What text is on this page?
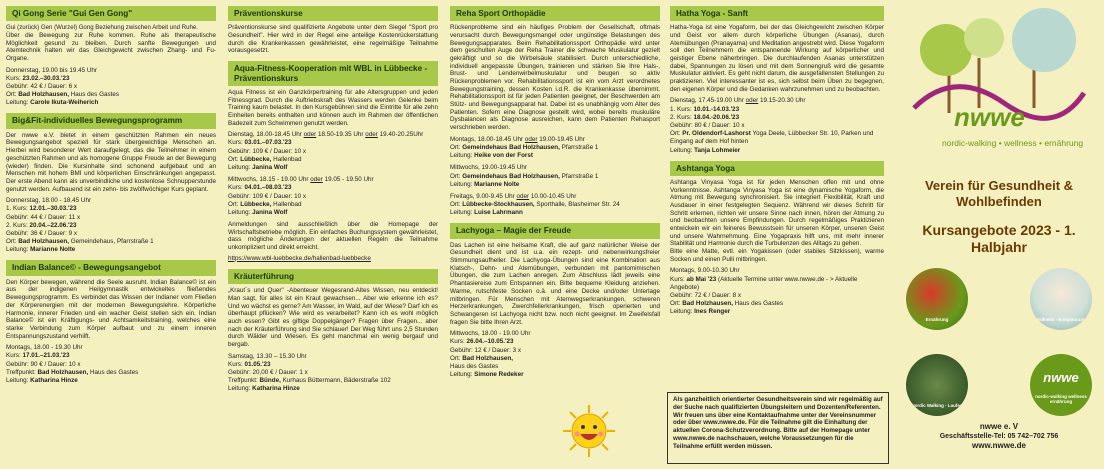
Qi Gong Serie "Gui Gen Gong"
Gui (zurück) Gen (Wurzel) Gong Beziehung zwischen Arbeit und Ruhe.
Über die Bewegung zur Ruhe kommen. Ruhe als therapeutische Möglichkeit gesund zu bleiben. Durch sanfte Bewegungen und Atemtechnik halten wir das Gleichgewicht zwischen Zhang- und Fu-Organe.
Donnerstag, 19.00 bis 19.45 Uhr
Kurs: 23.02.–30.03.'23
Gebühr: 42 € / Dauer: 6 x
Ort: Bad Holzhausen, Haus des Gastes
Leitung: Carole Ikuta-Weiherich
Big&Fit-individuelles Bewegungsprogramm
Der nwwe e.V. bietet in einem geschützten Rahmen ein neues Bewegungsangebot speziell für stark übergewichtige Menschen an. Hierbei wird besonderer Wert daraufgelegt, das die Teilnehmer in einem geschützten Rahmen und als homogene Gruppe Freude an der Bewegung (wieder) finden. Die Kursinhalte sind schonend aufgebaut und an Menschen mit hohem BMI und körperlichen Einschränkungen angepasst. Der erste Abend kann als unverbindliche und kostenlose Schnupperstunde genutzt werden. Aufbauend ist ein zehn- bis zwölfwöchiger Kurs geplant.
Donnerstag, 18.00 - 18.45 Uhr
1. Kurs: 12.01.–30.03.'23
Gebühr: 44 € / Dauer: 11 x
2. Kurs: 20.04.–22.06.'23
Gebühr: 36 € / Dauer: 9 x
Ort: Bad Holzhausen, Gemeindehaus, Pfarrstraße 1
Leitung: Marianne Nolte
Indian Balance© - Bewegungsangebot
Den Körper bewegen, während die Seele ausruht. Indian Balance© ist ein aus der indigenen Heilgymnastik entwickeltes fließendes Bewegungsprogramm. Es verbindet das Wissen der Indianer vom Fließen der Körperenergien mit der modernen Bewegungslehre. Körperliche Harmonie, innerer Frieden und ein wacher Geist stellen sich ein. Indian Balance© ist ein Kräftigungs- und Achtsamkeitstraining, welches eine starke Verbindung zum Körper aufbaut und zu einem inneren Entspannungszustand verhilft.
Montags, 18.00 - 19.30 Uhr
Kurs: 17.01.–21.03.'23
Gebühr: 90 € / Dauer: 10 x
Treffpunkt: Bad Holzhausen, Haus des Gastes
Leitung: Katharina Hinze
Präventionskurse
Präventionskurse sind qualifizierte Angebote unter dem Siegel "Sport pro Gesundheit". Hier wird in der Regel eine anteilige Kostenrückerstattung durch die Krankenkassen gewährleistet, eine regelmäßige Teilnahme vorausgesetzt.
Aqua-Fitness-Kooperation mit WBL in Lübbecke - Präventionskurs
Aqua Fitness ist ein Ganzkörpertraining für alle Altersgruppen und jeden Fitnessgrad. Durch die Auftriebskraft des Wassers werden Gelenke beim Training kaum belastet. In den Kursgebühren sind die Eintritte für alle zehn Einheiten bereits enthalten und können auch im Rahmen der öffentlichen Badezeit zum Schwimmen genutzt werden.
Dienstag, 18.00-18.45 Uhr oder 18.50-19.35 Uhr oder 19.40-20.25Uhr
Kurs: 03.01.–07.03.'23
Gebühr: 109 € / Dauer: 10 x
Ort: Lübbecke, Hallenbad
Leitung: Janina Wolf
Mittwochs, 18.15 - 19.00 Uhr oder 19.05 - 19.50 Uhr
Kurs: 04.01.–08.03.'23
Gebühr: 109 € / Dauer: 10 x
Ort: Lübbecke, Hallenbad
Leitung: Janina Wolf
Anmeldungen sind ausschließlich über die Homepage der Wirtschaftsbetriebe möglich. Ein einfaches Buchungssystem gewährleistet, dass mögliche Änderungen der aktuellen Regeln die Teilnahme unkompliziert und direkt erreicht.
https://www.wbl-luebbecke.de/hallenbad-luebbecke
Kräuterführung
„Kraut´s und Quer" -Abenteuer Wegesrand-Altes Wissen, neu entdeckt! Man sagt, für alles ist ein Kraut gewachsen... Aber wie erkenne ich es? Und wo wächst es gerne? Am Wasser, im Wald, auf der Wiese? Darf ich es überhaupt pflücken? Wie wird es verarbeitet? Kann ich es wohl möglich auch essen? Gibt es giftige Doppelgänger? Fragen über Fragen... aber nach der Kräuterführung sind Sie schlauer! Der Weg führt uns 2,5 Stunden durch Wälder und Wiesen. Es geht manchmal ein wenig bergauf und bergab.
Samstag, 13.30 – 15.30 Uhr
Kurs: 01.05.'23
Gebühr: 20,00 € / Dauer: 1 x
Treffpunkt: Bünde, Kurhaus Büttermann, Bäderstraße 102
Leitung: Katharina Hinze
Reha Sport Orthopädie
Rückenprobleme sind ein häufiges Problem der Gesellschaft, oftmals verursacht durch Bewegungsmangel oder ungünstige Belastungen des Bewegungsapparates. Beim Rehabilitationssport Orthopädie wird unter dem geschulten Auge der Reha Trainer die schwache Muskulatur gezielt gekräftigt und so die Wirbelsäule stabilisiert. Durch unterschiedliche, individuell angepasste Übungen, trainieren und stärken Sie Ihre Hals-, Brust- und Lendenwirbelmuskulatur und beugen so aktiv Rückenproblemen vor. Rehabilitationssport ist ein vom Arzt verordnetes Bewegungstraining, dessen Kosten i.d.R. die Krankenkasse übernimmt. Rehabilitationssport ist für jeden Patienten geeignet, der Beschwerden am Stütz- und Bewegungsapparat hat. Dabei ist es unabhängig vom Alter des Patienten. Sofern eine Diagnose gestellt wird, wobei bereits muskuläre Dysbalancen als Diagnose ausreichen, kann dem Patienten Rehasport verschrieben werden.
Montags, 18.00-18.45 Uhr oder 19.00-19.45 Uhr
Ort: Gemeindehaus Bad Holzhausen, Pfarrstraße 1
Leitung: Heike von der Forst
Mittwochs, 19.00-19.45 Uhr
Ort: Gemeindehaus Bad Holzhausen, Pfarrstraße 1
Leitung: Marianne Nolte
Freitags, 9.00-9.45 Uhr oder 10.00-10.45 Uhr
Ort: Lübbecke-Stockhausen, Sporthalle, Blasheimer Str. 24
Leitung: Luise Lahrmann
Lachyoga – Magie der Freude
Das Lachen ist eine heilsame Kraft, die auf ganz natürlicher Weise der Gesundheit dient und ist u.a. ein rezept- und nebenwirkungsfreier Stimmungsaufheller. Die Lachyoga-Übungen sind eine Kombination aus Klatsch-, Dehn- und Atemübungen, verbunden mit pantomimischen Übungen, die zum Lachen anregen. Zum Abschluss lädt jeweils eine Phantasiereise zum Entspannen ein. Bitte bequeme Kleidung anziehen. Warme, rutschfeste Socken o.ä. und eine Decke und/oder Unterlage mitbringen. Für Menschen mit Atemwegserkrankungen, schweren Herzerkrankungen, Zwerchfellerkrankungen, frisch operierten und Schwangeren ist Lachyoga nicht bzw. noch nicht geeignet. Im Zweifelsfall fragen Sie bitte Ihren Arzt.
Mittwochs, 18.00 - 19.00 Uhr
Kurs: 26.04.–10.05.'23
Gebühr: 12 € / Dauer: 3 x
Ort: Bad Holzhausen,
Haus des Gastes
Leitung: Simone Redeker
Hatha Yoga - Sanft
Hatha-Yoga ist eine Yogaform, bei der das Gleichgewicht zwischen Körper und Geist vor allem durch körperliche Übungen (Asanas), durch Atemübungen (Pranayama) und Meditation angestrebt wird. Diese Yogaform soll den Teilnehmern die entspannende Wirkung auf körperlicher und geistiger Ebene näherbringen. Die durchlaufenden Asanas unterstützen dabei, Spannungen zu lösen und mit dem Sonnengruß wird die gesamte Muskulatur aktiviert. Es geht nicht darum, die ausgefallensten Stellungen zu praktizieren. Viel interessanter ist es, sich selbst beim Üben zu begegnen, den eigenen Körper und die Gedanken wahrzunehmen und zu beobachten.
Dienstag, 17.45-19.00 Uhr oder 19.15-20.30 Uhr
1. Kurs: 10.01.-14.03.'23
2. Kurs: 18.04.-20.06.'23
Gebühr: 80 € / Dauer: 10 x
Ort: Pr. Oldendorf-Lashorst Yoga Deele, Lübbecker Str. 10, Parken und Eingang auf dem Hof hinten
Leitung: Tanja Lohmeier
Ashtanga Yoga
Ashtanga Vinyasa Yoga ist für jeden Menschen offen mit und ohne Vorkenntnisse. Ashtanga Vinyasa Yoga ist eine dynamische Yogaform, die Atmung mit Bewegung synchronisiert. Sie integriert Flexibilität, Kraft und Ausdauer in einer festgelegten Sequenz. Während wir dieses Schritt für Schritt erlernen, richten wir unsere Sinne nach innen, hören der Atmung zu und beobachten unsere Empfindungen. Durch regelmäßiges Praktizieren entwickeln wir ein feineres Bewusstsein für unseren Körper, unseren Geist und unsere Wahrnehmung. Eine Yogapraxis hilft uns, mit mehr innerer Stabilität und Harmonie durch die Turbulenzen des Alltags zu gehen.
Bitte eine Matte, evtl. ein Yogakissen (oder stabiles Sitzkissen), warme Socken und einen Pulli mitbringen.
Montags, 9.00-10.30 Uhr
Kurs: ab Mai '23 (Aktuelle Termine unter www.nwwe.de - > Aktuelle Angebote)
Gebühr: 72 € / Dauer: 8 x
Ort: Bad Holzhausen, Haus des Gastes
Leitung: Ines Renger
Als ganzheitlich orientierter Gesundheitsverein sind wir regelmäßig auf der Suche nach qualifizierten Übungsleitern und Dozenten/Referenten. Wir freuen uns über eine Kontaktaufnahme unter der Vereinsnummer oder über www.nwwe.de. Für die Teilnahme gilt die Einhaltung der aktuellen Corona-Schutzverordnung. Bitte auf der Homepage unter www.nwwe.de nachschauen, welche Voraussetzungen für die Teilnahme erfüllt werden müssen.
nwwe
nordic-walking • wellness • ernährung
Verein für Gesundheit & Wohlbefinden
Kursangebote 2023 - 1. Halbjahr
Ernährung	Wellness · Entspannung
Nordic Walking · Laufen
nwwe
nordic-walking wellness ernährung
nwwe e. V
Geschäftsstelle-Tel: 05 742–702 756
www.nwwe.de
